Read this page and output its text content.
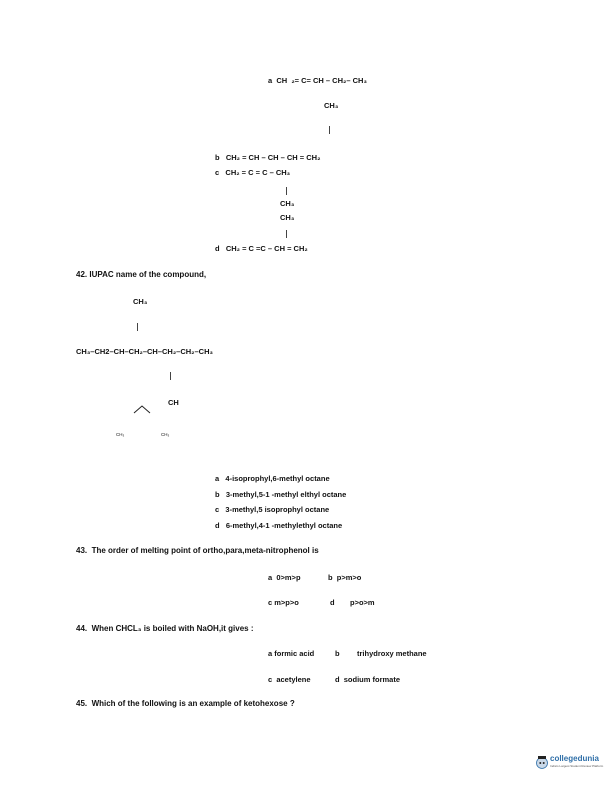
a  CH  ₂= C= CH – CH₂– CH₃
CH₃
b   CH₂ = CH – CH – CH = CH₂
c   CH₂ = C = C – CH₃
CH₃
CH₃
d   CH₂ = C =C – CH = CH₂
42. IUPAC name of the compound,
CH₃
CH₃–CH2–CH–CH₂–CH–CH₂–CH₂–CH₃
CH
CH₃	CH₃
a   4-isoprophyl,6-methyl octane
b   3-methyl,5-1 -methyl elthyl octane
c   3-methyl,5 isoprophyl octane
d   6-methyl,4-1 -methylethyl octane
43.  The order of melting point of ortho,para,meta-nitrophenol is
a  0>m>p	b  p>m>o
c m>p>o	d p>o>m
44.  When CHCL₃ is boiled with NaOH,it gives :
a formic acid	b trihydroxy methane
c  acetylene	d  sodium formate
45.  Which of the following is an example of ketohexose ?
collegedunia
India's Largest Student Review Platform
